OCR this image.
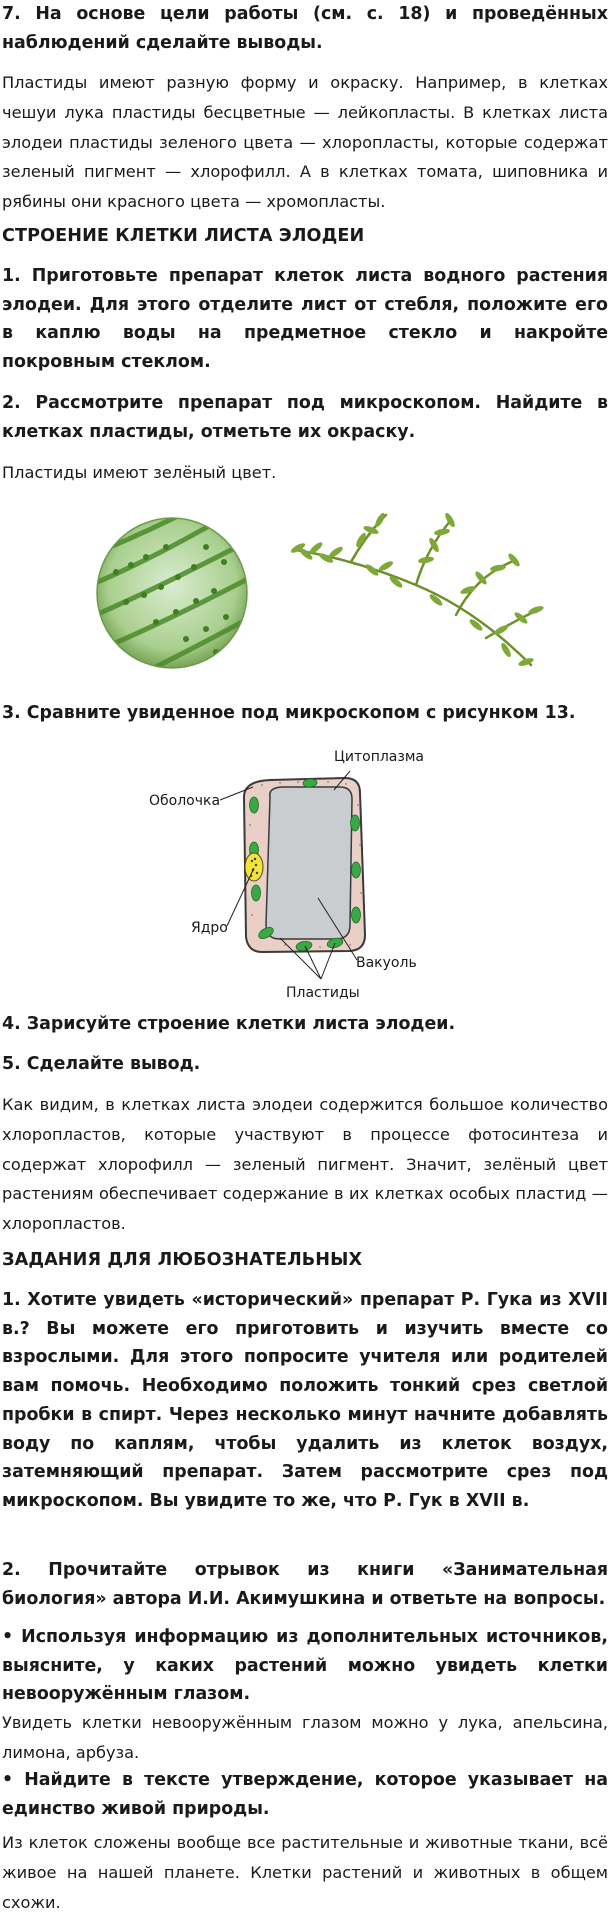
7. На основе цели работы (см. с. 18) и проведённых наблюдений сделайте выводы.

Пластиды имеют разную форму и окраску. Например, в клетках чешуи лука пластиды бесцветные — лейкопласты. В клетках листа элодеи пластиды зеленого цвета — хлоропласты, которые содержат зеленый пигмент — хлорофилл. А в клетках томата, шиповника и рябины они красного цвета — хромопласты.

СТРОЕНИЕ КЛЕТКИ ЛИСТА ЭЛОДЕИ

1. Приготовьте препарат клеток листа водного растения элодеи. Для этого отделите лист от стебля, положите его в каплю воды на предметное стекло и накройте покровным стеклом.

2. Рассмотрите препарат под микроскопом. Найдите в клетках пластиды, отметьте их окраску.

Пластиды имеют зелёный цвет.

3. Сравните увиденное под микроскопом с рисунком 13.

Цитоплазма
Оболочка
Ядро
Вакуоль
Пластиды

4. Зарисуйте строение клетки листа элодеи.

5. Сделайте вывод.

Как видим, в клетках листа элодеи содержится большое количество хлоропластов, которые участвуют в процессе фотосинтеза и содержат хлорофилл — зеленый пигмент. Значит, зелёный цвет растениям обеспечивает содержание в их клетках особых пластид — хлоропластов.

ЗАДАНИЯ ДЛЯ ЛЮБОЗНАТЕЛЬНЫХ

1. Хотите увидеть «исторический» препарат Р. Гука из XVII в.? Вы можете его приготовить и изучить вместе со взрослыми. Для этого попросите учителя или родителей вам помочь. Необходимо положить тонкий срез светлой пробки в спирт. Через несколько минут начните добавлять воду по каплям, чтобы удалить из клеток воздух, затемняющий препарат. Затем рассмотрите срез под микроскопом. Вы увидите то же, что Р. Гук в XVII в.

2. Прочитайте отрывок из книги «Занимательная биология» автора И.И. Акимушкина и ответьте на вопросы.

• Используя информацию из дополнительных источников, выясните, у каких растений можно увидеть клетки невооружённым глазом.

Увидеть клетки невооружённым глазом можно у лука, апельсина, лимона, арбуза.

• Найдите в тексте утверждение, которое указывает на единство живой природы.

Из клеток сложены вообще все растительные и животные ткани, всё живое на нашей планете. Клетки растений и животных в общем схожи.
